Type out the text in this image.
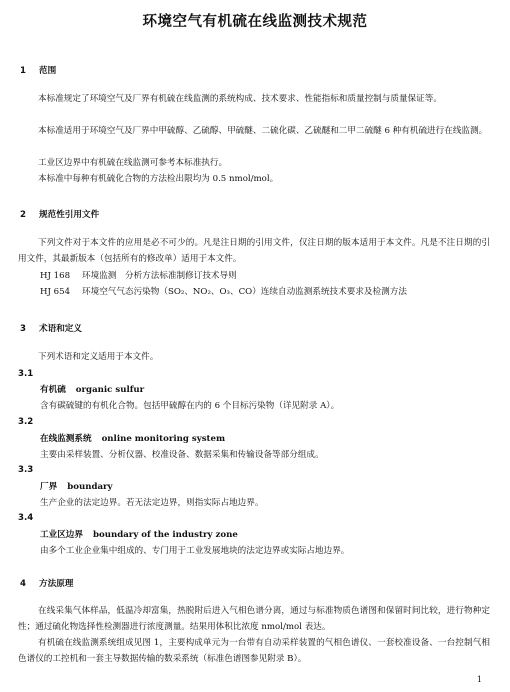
环境空气有机硫在线监测技术规范
1 范围
本标准规定了环境空气及厂界有机硫在线监测的系统构成、技术要求、性能指标和质量控制与质量保证等。
本标准适用于环境空气及厂界中甲硫醇、乙硫醇、甲硫醚、二硫化碳、乙硫醚和二甲二硫醚 6 种有机硫进行在线监测。
工业区边界中有机硫在线监测可参考本标准执行。
本标准中每种有机硫化合物的方法检出限均为 0.5 nmol/mol。
2 规范性引用文件
下列文件对于本文件的应用是必不可少的。凡是注日期的引用文件，仅注日期的版本适用于本文件。凡是不注日期的引用文件，其最新版本（包括所有的修改单）适用于本文件。
HJ 168 环境监测　分析方法标准制修订技术导则
HJ 654 环境空气气态污染物（SO₂、NO₂、O₃、CO）连续自动监测系统技术要求及检测方法
3 术语和定义
下列术语和定义适用于本文件。
3.1
有机硫 organic sulfur
含有碳硫键的有机化合物。包括甲硫醇在内的 6 个目标污染物（详见附录 A）。
3.2
在线监测系统 online monitoring system
主要由采样装置、分析仪器、校准设备、数据采集和传输设备等部分组成。
3.3
厂界 boundary
生产企业的法定边界。若无法定边界，则指实际占地边界。
3.4
工业区边界 boundary of the industry zone
由多个工业企业集中组成的、专门用于工业发展地块的法定边界或实际占地边界。
4 方法原理
在线采集气体样品，低温冷却富集，热脱附后进入气相色谱分离，通过与标准物质色谱图和保留时间比较，进行物种定性；通过硫化物选择性检测器进行浓度测量。结果用体积比浓度 nmol/mol 表达。
有机硫在线监测系统组成见图 1，主要构成单元为一台带有自动采样装置的气相色谱仪、一套校准设备、一台控制气相色谱仪的工控机和一套主导数据传输的数采系统（标准色谱图参见附录 B）。
1
